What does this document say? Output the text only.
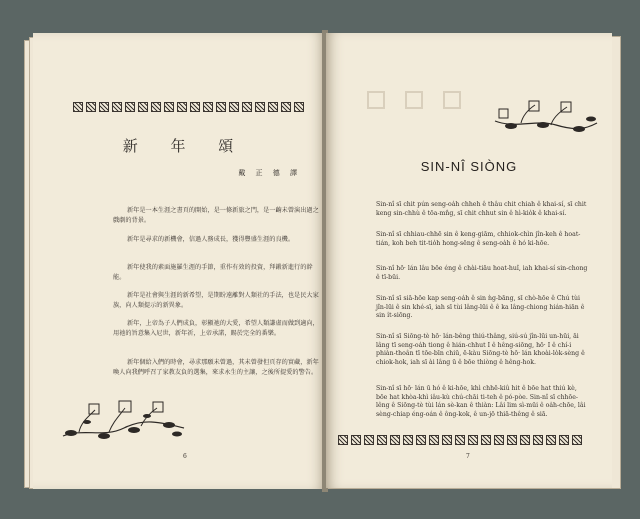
新 年 頌
戴 正 德 譯
新年是一本生涯之書頁的開始，是一條新旅之門，是一齣未曾演出過之戲劇的背景。
新年是尋求的新機會，信過人務成長，獲得豐盛生涯的良機。
新年使我的素面施羅生涯的手節，重作有效的投資，拜鍛新進行的幹能。
新年是社會與生涯的新希望，是期盼遠離對人類社的手法，也是民大家族，向人類提示的新異象。
新年，上帝為子人們成負，彰顯祂的大愛，希望人類謙虛而做到適向，用祂的旨意集入尼世，新年祈，上帝承諾，賜於完全的番樂。
新年個給入們的時會，尋求那願未曾過，其未曾發但頁存的實藏，新年喚人向我們呼召了家教友負的選集，來求永生的主讓，之後所提愛的警告。
6
SIN-NÎ SIÒNG
Sin-nî sī chit pún seng-oa̍h chheh ê thâu chit chiah ê khai-sí, sī chit keng sin-chhù ê tōa-mn̂g, sī chit chhut sin ê hì-kio̍k ê khai-sí.
Sin-nî sī chhiau-chhē sin ê keng-giām, chhiok-chìn jîn-keh ê hoat-tián, koh beh tit-tio̍h hong-sēng ê seng-oa̍h ê hó ki-hōe.
Sin-nî hō· lán lâu bōe éng ê chài-tiāu hoat-huî, iah khai-sí sin-chong ê tī-būi.
Sin-nî sī siā-hōe kap seng-oa̍h ê sin ǹg-bāng, sī chò-hōe ê Chú tùi jîn-lūi ê sin khé-sī, iah sī tùi lâng-lūi ê ê ka lâng-chiong hián-hiān ê sin i̍t-siōng.
Sin-nî sī Siōng-tè hō· lán-bêng thiú-thâng, siú-sú jîn-lūi un-hūi, āi lâng tī seng-oa̍h tiong ê hián-chhut I ê hêng-siōng, hō· I ê chí-i phiàn-thoân tī tōe-bīn chiū, ē-kàu Siōng-tè hō· lán khoài-lo̍k-sèng ê chiok-hok, iah sī ài lâng ū ê bōe thiòng ê hêng-hok.
Sin-nî sī hō· lán ū hó ê ki-hōe, khì chhē-kiû hit ê bōe hat thiú kè, bōe hat khòa-khì iâu-kù chú-chāi ti-teh ê pó-pòe. Sin-nî sī chhōe-lêng ê Siōng-tè tùi lán sè-kan ê thiàn: Lâi lim sì-mūi ê oa̍h-chōe, lâi sèng-chiap éng-oán ê ông-kok, ê un-jō thiā-thêng ê siā.
7
